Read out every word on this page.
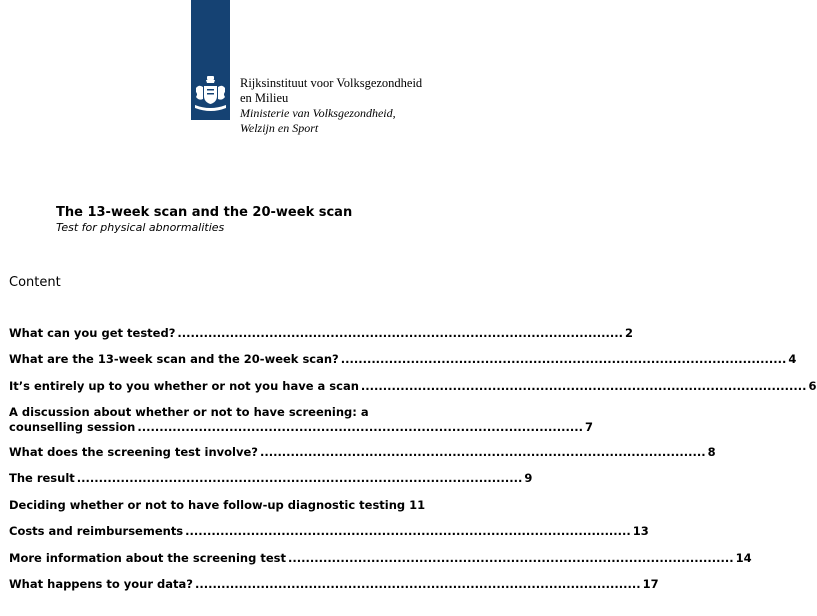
Rijksinstituut voor Volksgezondheid
en Milieu
Ministerie van Volksgezondheid,
Welzijn en Sport
The 13-week scan and the 20-week scan
Test for physical abnormalities
Content
What can you get tested? ...................................................................................................... 2
What are the 13-week scan and the 20-week scan? ...................................................................................................... 4
It’s entirely up to you whether or not you have a scan ...................................................................................................... 6
A discussion about whether or not to have screening: a
counselling session ...................................................................................................... 7
What does the screening test involve? ...................................................................................................... 8
The result ...................................................................................................... 9
Deciding whether or not to have follow-up diagnostic testing 11
Costs and reimbursements ...................................................................................................... 13
More information about the screening test ...................................................................................................... 14
What happens to your data? ...................................................................................................... 17
